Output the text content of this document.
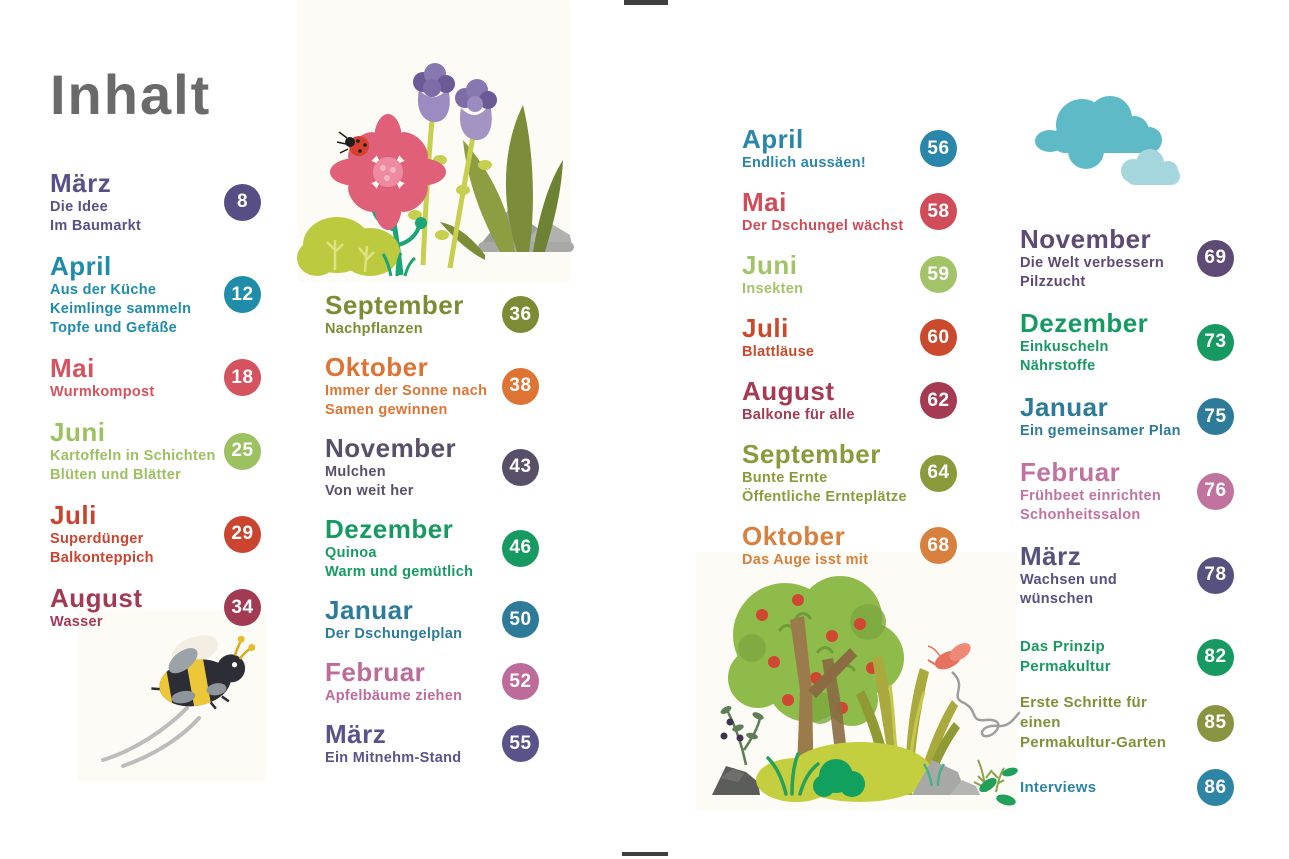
Inhalt
März
Die Idee
Im Baumarkt
8
April
Aus der Küche
Keimlinge sammeln
Topfe und Gefäße
12
Mai
Wurmkompost
18
Juni
Kartoffeln in Schichten
Blüten und Blätter
25
Juli
Superdünger
Balkonteppich
29
August
Wasser
34
September
Nachpflanzen
36
Oktober
Immer der Sonne nach
Samen gewinnen
38
November
Mulchen
Von weit her
43
Dezember
Quinoa
Warm und gemütlich
46
Januar
Der Dschungelplan
50
Februar
Apfelbäume ziehen
52
März
Ein Mitnehm-Stand
55
April
Endlich aussäen!
56
Mai
Der Dschungel wächst
58
Juni
Insekten
59
Juli
Blattläuse
60
August
Balkone für alle
62
September
Bunte Ernte
Öffentliche Ernteplätze
64
Oktober
Das Auge isst mit
68
November
Die Welt verbessern
Pilzzucht
69
Dezember
Einkuscheln
Nährstoffe
73
Januar
Ein gemeinsamer Plan
75
Februar
Frühbeet einrichten
Schonheitssalon
76
März
Wachsen und
wünschen
78
Das Prinzip Permakultur	82
Erste Schritte für einen
Permakultur-Garten
85
Interviews	86
